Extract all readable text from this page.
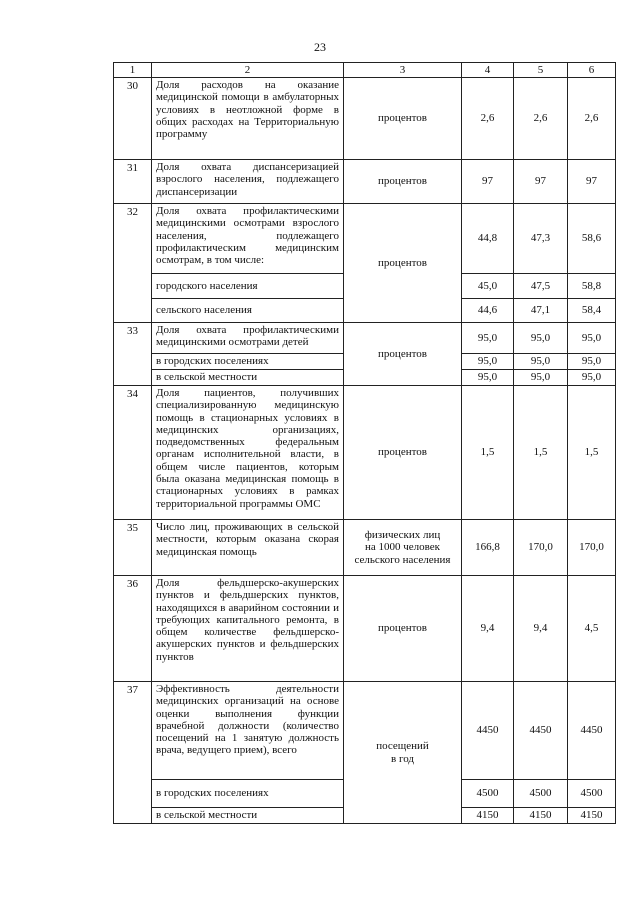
23
1	2	3	4	5	6
30	Доля расходов на оказание медицинской помощи в амбулаторных условиях в неотложной форме в общих расходах на Территориальную программу	процентов	2,6	2,6	2,6
31	Доля охвата диспансеризацией взрослого населения, подлежащего диспансеризации	процентов	97	97	97
32	Доля охвата профилактическими медицинскими осмотрами взрослого населения, подлежащего профилактическим медицинским осмотрам, в том числе:	процентов	44,8	47,3	58,6
	городского населения		45,0	47,5	58,8
	сельского населения		44,6	47,1	58,4
33	Доля охвата профилактическими медицинскими осмотрами детей	процентов	95,0	95,0	95,0
	в городских поселениях		95,0	95,0	95,0
	в сельской местности		95,0	95,0	95,0
34	Доля пациентов, получивших специализированную медицинскую помощь в стационарных условиях в медицинских организациях, подведомственных федеральным органам исполнительной власти, в общем числе пациентов, которым была оказана медицинская помощь в стационарных условиях в рамках территориальной программы ОМС	процентов	1,5	1,5	1,5
35	Число лиц, проживающих в сельской местности, которым оказана скорая медицинская помощь	физических лиц
на 1000 человек
сельского населения	166,8	170,0	170,0
36	Доля фельдшерско-акушерских пунктов и фельдшерских пунктов, находящихся в аварийном состоянии и требующих капитального ремонта, в общем количестве фельдшерско-акушерских пунктов и фельдшерских пунктов	процентов	9,4	9,4	4,5
37	Эффективность деятельности медицинских организаций на основе оценки выполнения функции врачебной должности (количество посещений на 1 занятую должность врача, ведущего прием), всего	посещений
в год	4450	4450	4450
	в городских поселениях		4500	4500	4500
	в сельской местности		4150	4150	4150
